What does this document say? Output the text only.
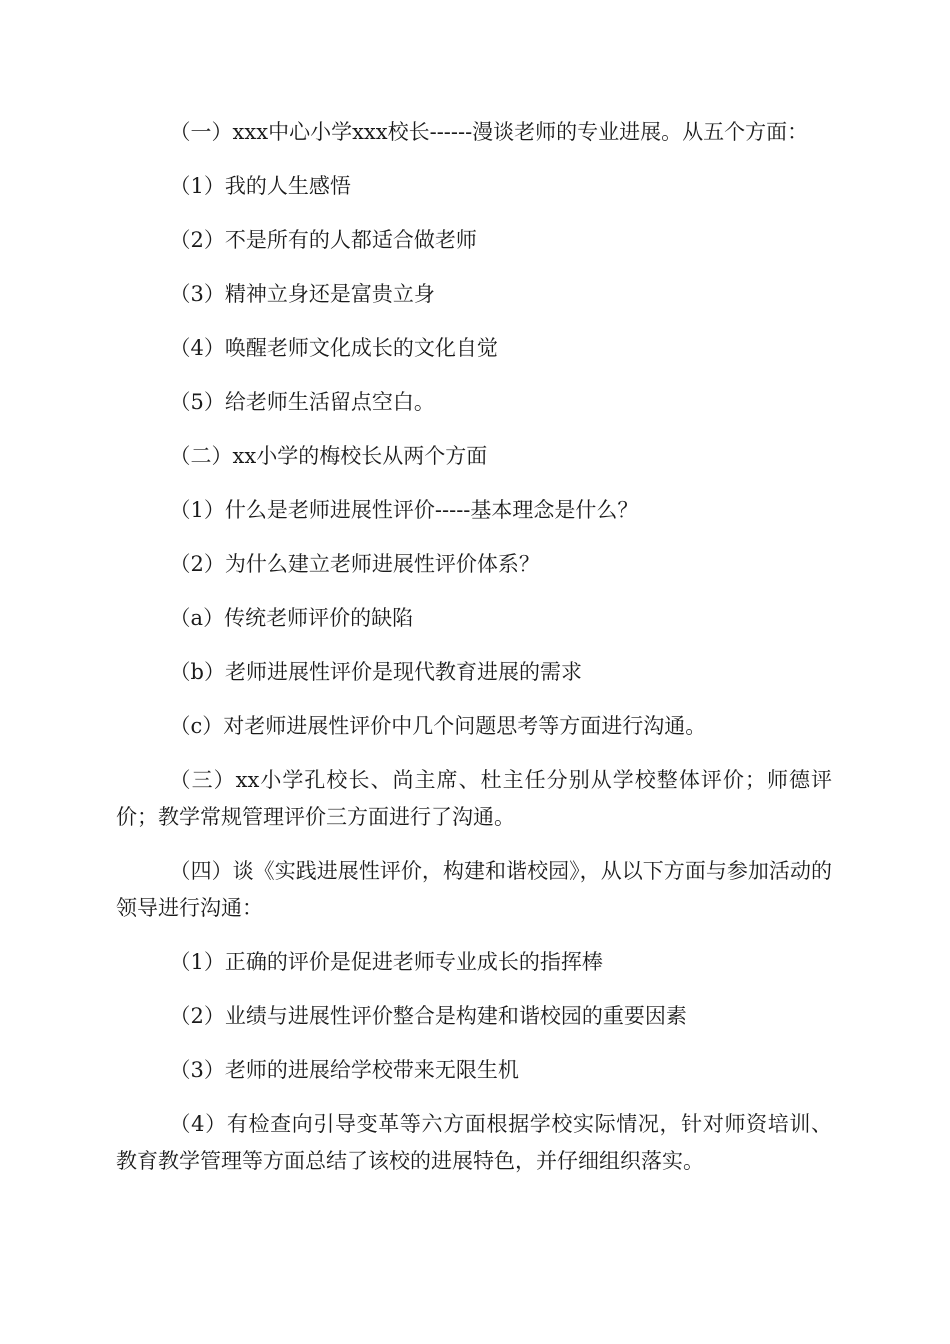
（一）xxx中心小学xxx校长------漫谈老师的专业进展。从五个方面：

（1）我的人生感悟

（2）不是所有的人都适合做老师

（3）精神立身还是富贵立身

（4）唤醒老师文化成长的文化自觉

（5）给老师生活留点空白。

（二）xx小学的梅校长从两个方面

（1）什么是老师进展性评价-----基本理念是什么？

（2）为什么建立老师进展性评价体系？

（a）传统老师评价的缺陷

（b）老师进展性评价是现代教育进展的需求

（c）对老师进展性评价中几个问题思考等方面进行沟通。

（三）xx小学孔校长、尚主席、杜主任分别从学校整体评价；师德评价；教学常规管理评价三方面进行了沟通。

（四）谈《实践进展性评价，构建和谐校园》，从以下方面与参加活动的领导进行沟通：

（1）正确的评价是促进老师专业成长的指挥棒

（2）业绩与进展性评价整合是构建和谐校园的重要因素

（3）老师的进展给学校带来无限生机

（4）有检查向引导变革等六方面根据学校实际情况，针对师资培训、教育教学管理等方面总结了该校的进展特色，并仔细组织落实。
